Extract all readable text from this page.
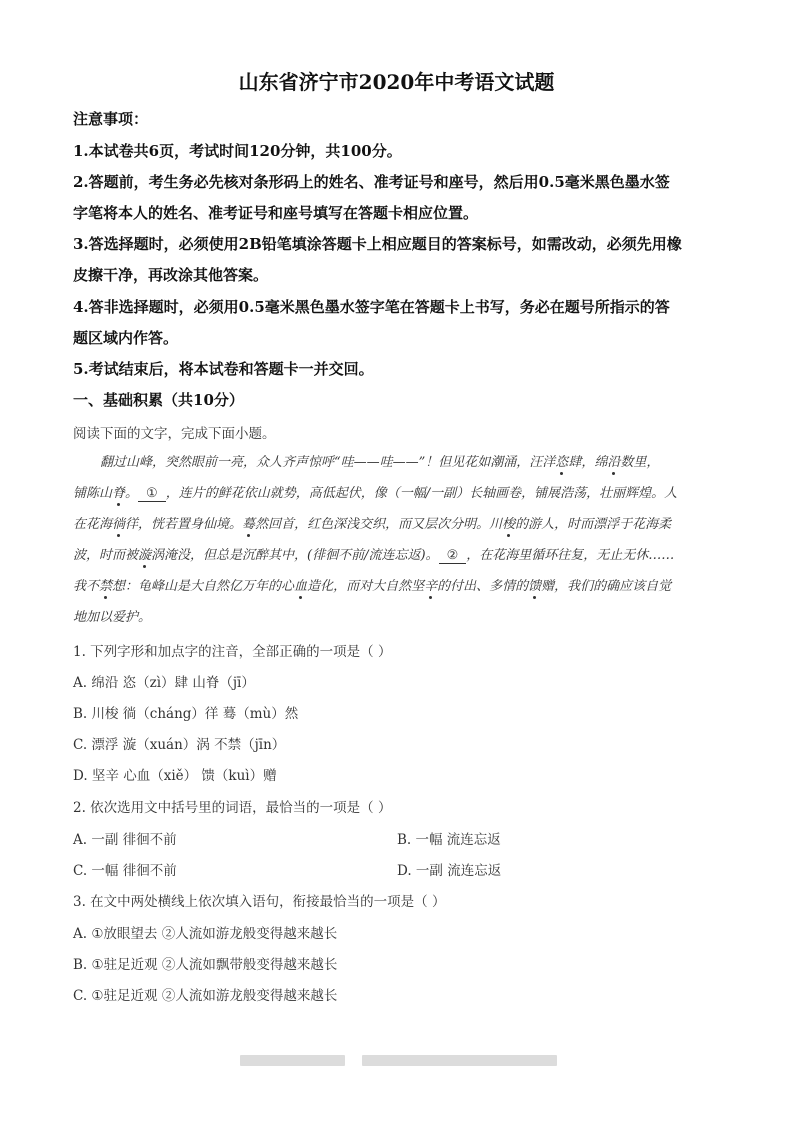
山东省济宁市2020年中考语文试题
注意事项：
1.本试卷共6页，考试时间120分钟，共100分。
2.答题前，考生务必先核对条形码上的姓名、准考证号和座号，然后用0.5毫米黑色墨水签
字笔将本人的姓名、准考证号和座号填写在答题卡相应位置。
3.答选择题时，必须使用2B铅笔填涂答题卡上相应题目的答案标号，如需改动，必须先用橡
皮擦干净，再改涂其他答案。
4.答非选择题时，必须用0.5毫米黑色墨水签字笔在答题卡上书写，务必在题号所指示的答
题区域内作答。
5.考试结束后，将本试卷和答题卡一并交回。
一、基础积累（共10分）
阅读下面的文字，完成下面小题。
翻过山峰，突然眼前一亮，众人齐声惊呼“哇——哇——”！但见花如潮涌，汪洋恣肆，绵沿数里，
铺陈山脊。 ① ，连片的鲜花依山就势，高低起伏，像（一幅/一副）长轴画卷，铺展浩荡，壮丽辉煌。人
在花海徜徉，恍若置身仙境。蓦然回首，红色深浅交织，而又层次分明。川梭的游人，时而漂浮于花海柔
波，时而被漩涡淹没，但总是沉醉其中，(徘徊不前/流连忘返)。 ② ，在花海里循环往复，无止无休……
我不禁想：龟峰山是大自然亿万年的心血造化，而对大自然坚辛的付出、多情的馈赠，我们的确应该自觉
地加以爱护。
1. 下列字形和加点字的注音，全部正确的一项是（ ）
A. 绵沿 恣（zì）肆 山脊（jī）
B. 川梭 徜（cháng）徉 蓦（mù）然
C. 漂浮 漩（xuán）涡 不禁（jīn）
D. 坚辛 心血（xiě） 馈（kuì）赠
2. 依次选用文中括号里的词语，最恰当的一项是（ ）
A. 一副 徘徊不前	B. 一幅 流连忘返
C. 一幅 徘徊不前	D. 一副 流连忘返
3. 在文中两处横线上依次填入语句，衔接最恰当的一项是（ ）
A. ①放眼望去 ②人流如游龙般变得越来越长
B. ①驻足近观 ②人流如飘带般变得越来越长
C. ①驻足近观 ②人流如游龙般变得越来越长
